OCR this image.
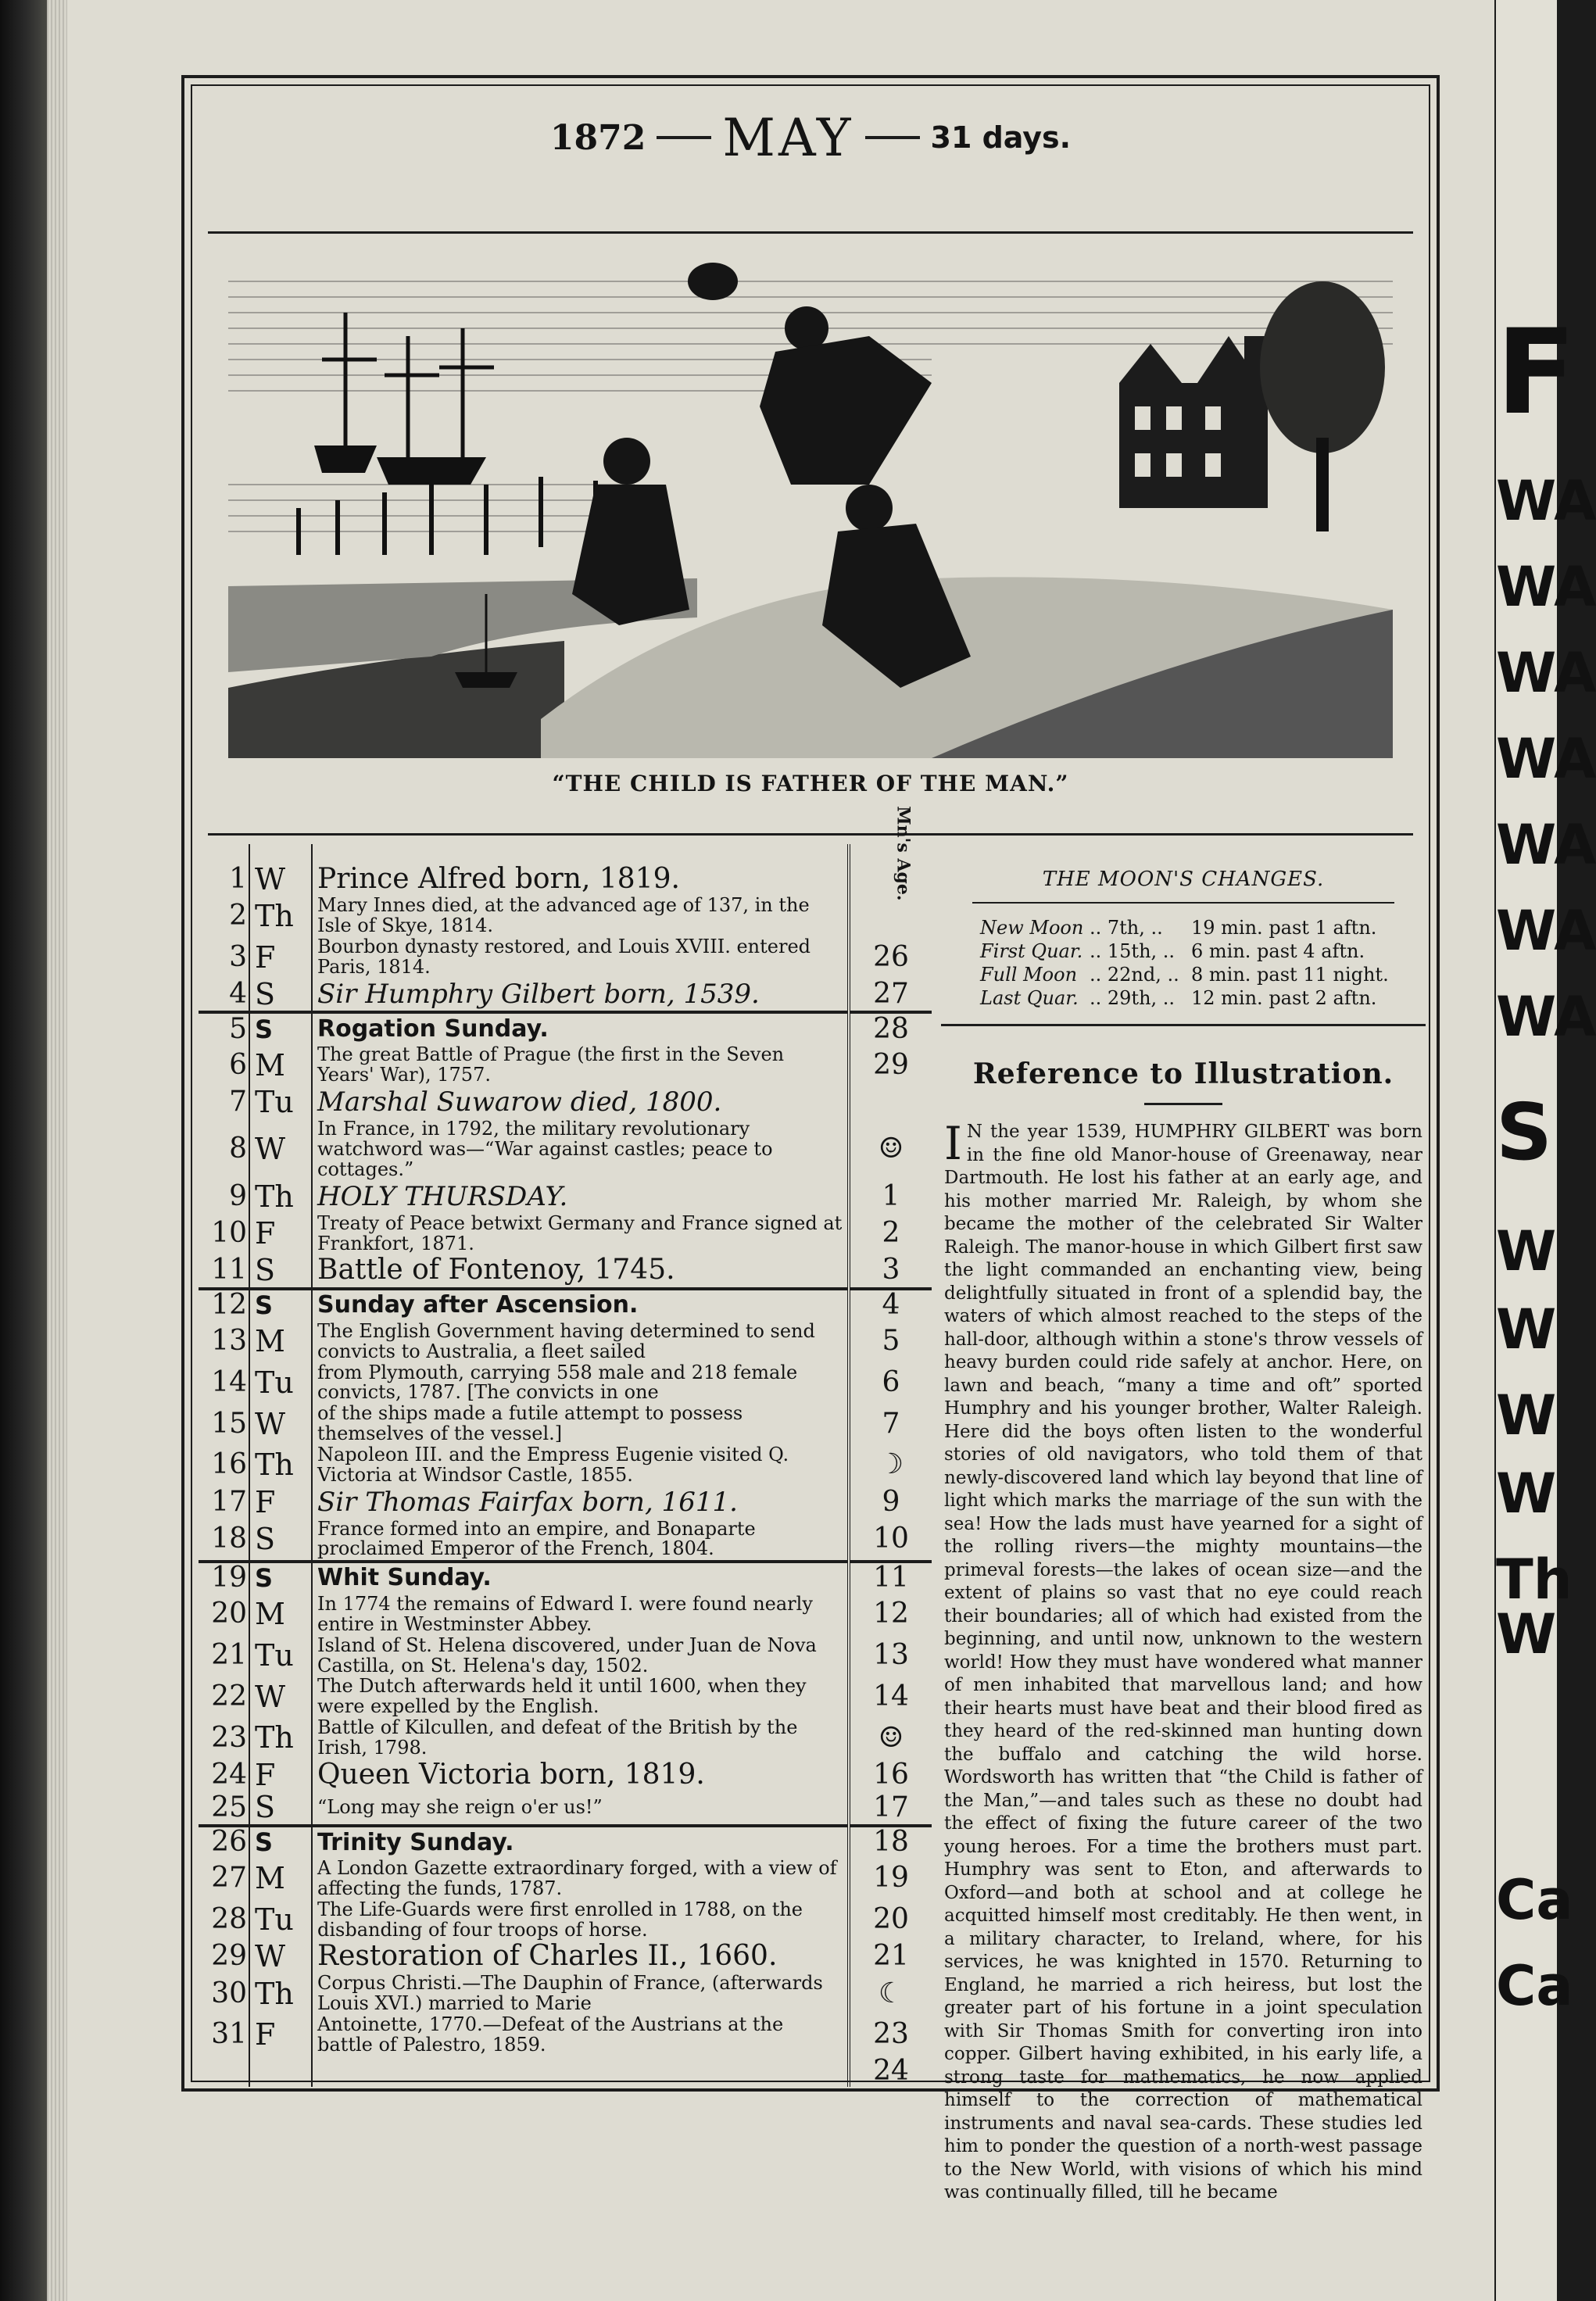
1872 MAY	31 days.
“THE CHILD IS FATHER OF THE MAN.”
			Mn's Age.
1	W	Prince Alfred born, 1819.	
2	Th	Mary Innes died, at the advanced age of 137, in the Isle of Skye, 1814.	
3	F	Bourbon dynasty restored, and Louis XVIII. entered Paris, 1814.	26
4	S	Sir Humphry Gilbert born, 1539.	27
5	S	Rogation Sunday.	28
6	M	The great Battle of Prague (the first in the Seven Years' War), 1757.	29
7	Tu	Marshal Suwarow died, 1800.	
8	W	In France, in 1792, the military revolutionary watchword was—“War against castles; peace to cottages.”	☺
9	Th	HOLY THURSDAY.	1
10	F	Treaty of Peace betwixt Germany and France signed at Frankfort, 1871.	2
11	S	Battle of Fontenoy, 1745.	3
12	S	Sunday after Ascension.	4
13	M	The English Government having determined to send convicts to Australia, a fleet sailed	5
14	Tu	from Plymouth, carrying 558 male and 218 female convicts, 1787. [The convicts in one	6
15	W	of the ships made a futile attempt to possess themselves of the vessel.]	7
16	Th	Napoleon III. and the Empress Eugenie visited Q. Victoria at Windsor Castle, 1855.	☽
17	F	Sir Thomas Fairfax born, 1611.	9
18	S	France formed into an empire, and Bonaparte proclaimed Emperor of the French, 1804.	10
19	S	Whit Sunday.	11
20	M	In 1774 the remains of Edward I. were found nearly entire in Westminster Abbey.	12
21	Tu	Island of St. Helena discovered, under Juan de Nova Castilla, on St. Helena's day, 1502.	13
22	W	The Dutch afterwards held it until 1600, when they were expelled by the English.	14
23	Th	Battle of Kilcullen, and defeat of the British by the Irish, 1798.	☺
24	F	Queen Victoria born, 1819.	16
25	S	“Long may she reign o'er us!”	17
26	S	Trinity Sunday.	18
27	M	A London Gazette extraordinary forged, with a view of affecting the funds, 1787.	19
28	Tu	The Life-Guards were first enrolled in 1788, on the disbanding of four troops of horse.	20
29	W	Restoration of Charles II., 1660.	21
30	Th	Corpus Christi.—The Dauphin of France, (afterwards Louis XVI.) married to Marie	☾
31	F	Antoinette, 1770.—Defeat of the Austrians at the battle of Palestro, 1859.	23
			24
THE MOON'S CHANGES.
New Moon .. 7th, ..	19 min. past 1 aftn.
First Quar. .. 15th, .. 6 min. past 4 aftn.
Full Moon .. 22nd, .. 8 min. past 11 night.
Last Quar. .. 29th, .. 12 min. past 2 aftn.
Reference to Illustration.
I N the year 1539, HUMPHRY GILBERT was born in the fine old Manor-house of Greenaway, near Dartmouth. He lost his father at an early age, and his mother married Mr. Raleigh, by whom she became the mother of the celebrated Sir Walter Raleigh. The manor-house in which Gilbert first saw the light commanded an enchanting view, being delightfully situated in front of a splendid bay, the waters of which almost reached to the steps of the hall-door, although within a stone's throw vessels of heavy burden could ride safely at anchor. Here, on lawn and beach, “many a time and oft” sported Humphry and his younger brother, Walter Raleigh. Here did the boys often listen to the wonderful stories of old navigators, who told them of that newly-discovered land which lay beyond that line of light which marks the marriage of the sun with the sea! How the lads must have yearned for a sight of the rolling rivers—the mighty mountains—the primeval forests—the lakes of ocean size—and the extent of plains so vast that no eye could reach their boundaries; all of which had existed from the beginning, and until now, unknown to the western world! How they must have wondered what manner of men inhabited that marvellous land; and how their hearts must have beat and their blood fired as they heard of the red-skinned man hunting down the buffalo and catching the wild horse. Wordsworth has written that “the Child is father of the Man,”—and tales such as these no doubt had the effect of fixing the future career of the two young heroes. For a time the brothers must part. Humphry was sent to Eton, and afterwards to Oxford—and both at school and at college he acquitted himself most creditably. He then went, in a military character, to Ireland, where, for his services, he was knighted in 1570. Returning to England, he married a rich heiress, but lost the greater part of his fortune in a joint speculation with Sir Thomas Smith for converting iron into copper. Gilbert having exhibited, in his early life, a strong taste for mathematics, he now applied himself to the correction of mathematical instruments and naval sea-cards. These studies led him to ponder the question of a north-west passage to the New World, with visions of which his mind was continually filled, till he became
F
WA
WA
WA
WA
WA
WA
WA
S
W
W
W
W
Th
W
Ca
Ca
